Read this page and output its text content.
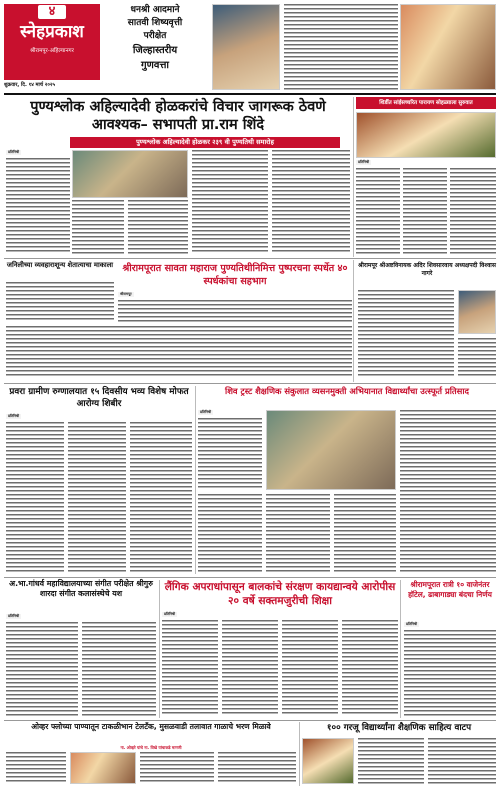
४
स्नेहप्रकाश
श्रीरामपूर-अहिल्यानगर
शुक्रवार, दि. १४ मार्च २०२५
धनश्री आदमाने
सातवी शिष्यवृत्ती
परीक्षेत
जिल्हास्तरीय
गुणवत्ता
पुण्यश्लोक अहिल्यादेवी होळकरांचे विचार जागरूक ठेवणे आवश्यक– सभापती प्रा.राम शिंदे
पुण्यश्लोक अहिल्यादेवी होळकर २३९ वी पुण्यतिथी समारोह
प्रतिनिधी
शिर्डीत सांईसच्चरित पारायण सोहळ्याला सुरुवात
प्रतिनिधी
जनिलीच्या व्यवहाराशून्य शेतात्याचा माकाला श्रीरामपूरात सावता महाराज पुण्यतिथीनिमित्त पुष्परचना स्पर्धेत ४० स्पर्धकांचा सहभाग
श्रीरामपूर
श्रीरामपूर श्रीअष्टविनायक अदिर शिवसारवाय अध्यक्षपदी विश्वास नागरे
प्रवरा ग्रामीण रुग्णालयात १५ दिवसीय भव्य विशेष मोफत आरोग्य शिबीर
प्रतिनिधी
शिव ट्रस्ट शैक्षणिक संकुलात व्यसनमुक्ती अभियानात विद्यार्थ्यांचा उत्स्फूर्त प्रतिसाद
प्रतिनिधी
अ.भा.गांधर्व महाविद्यालयाच्या संगीत परीक्षेत श्रीगुरु शारदा संगीत कलासंस्थेचे यश
प्रतिनिधी
लैंगिक अपराधांपासून बालकांचे संरक्षण कायद्यान्वये आरोपीस २० वर्षे सक्तमजुरीची शिक्षा
प्रतिनिधी
श्रीरामपूरात रात्री १० वाजेनंतर हॉटेल, ढाबागाड्या बंदचा निर्णय
प्रतिनिधी
ओव्हर फ्लोच्या पाण्यातून टाकळीभान टेलटँक, मुसळवाडी तलावात गाळाचे भरण मिळावे
ना. ओव्हरे यांचे ना. विखे यांचाकडे मागणी
१०० गरजू विद्यार्थ्यांना शैक्षणिक साहित्य वाटप
